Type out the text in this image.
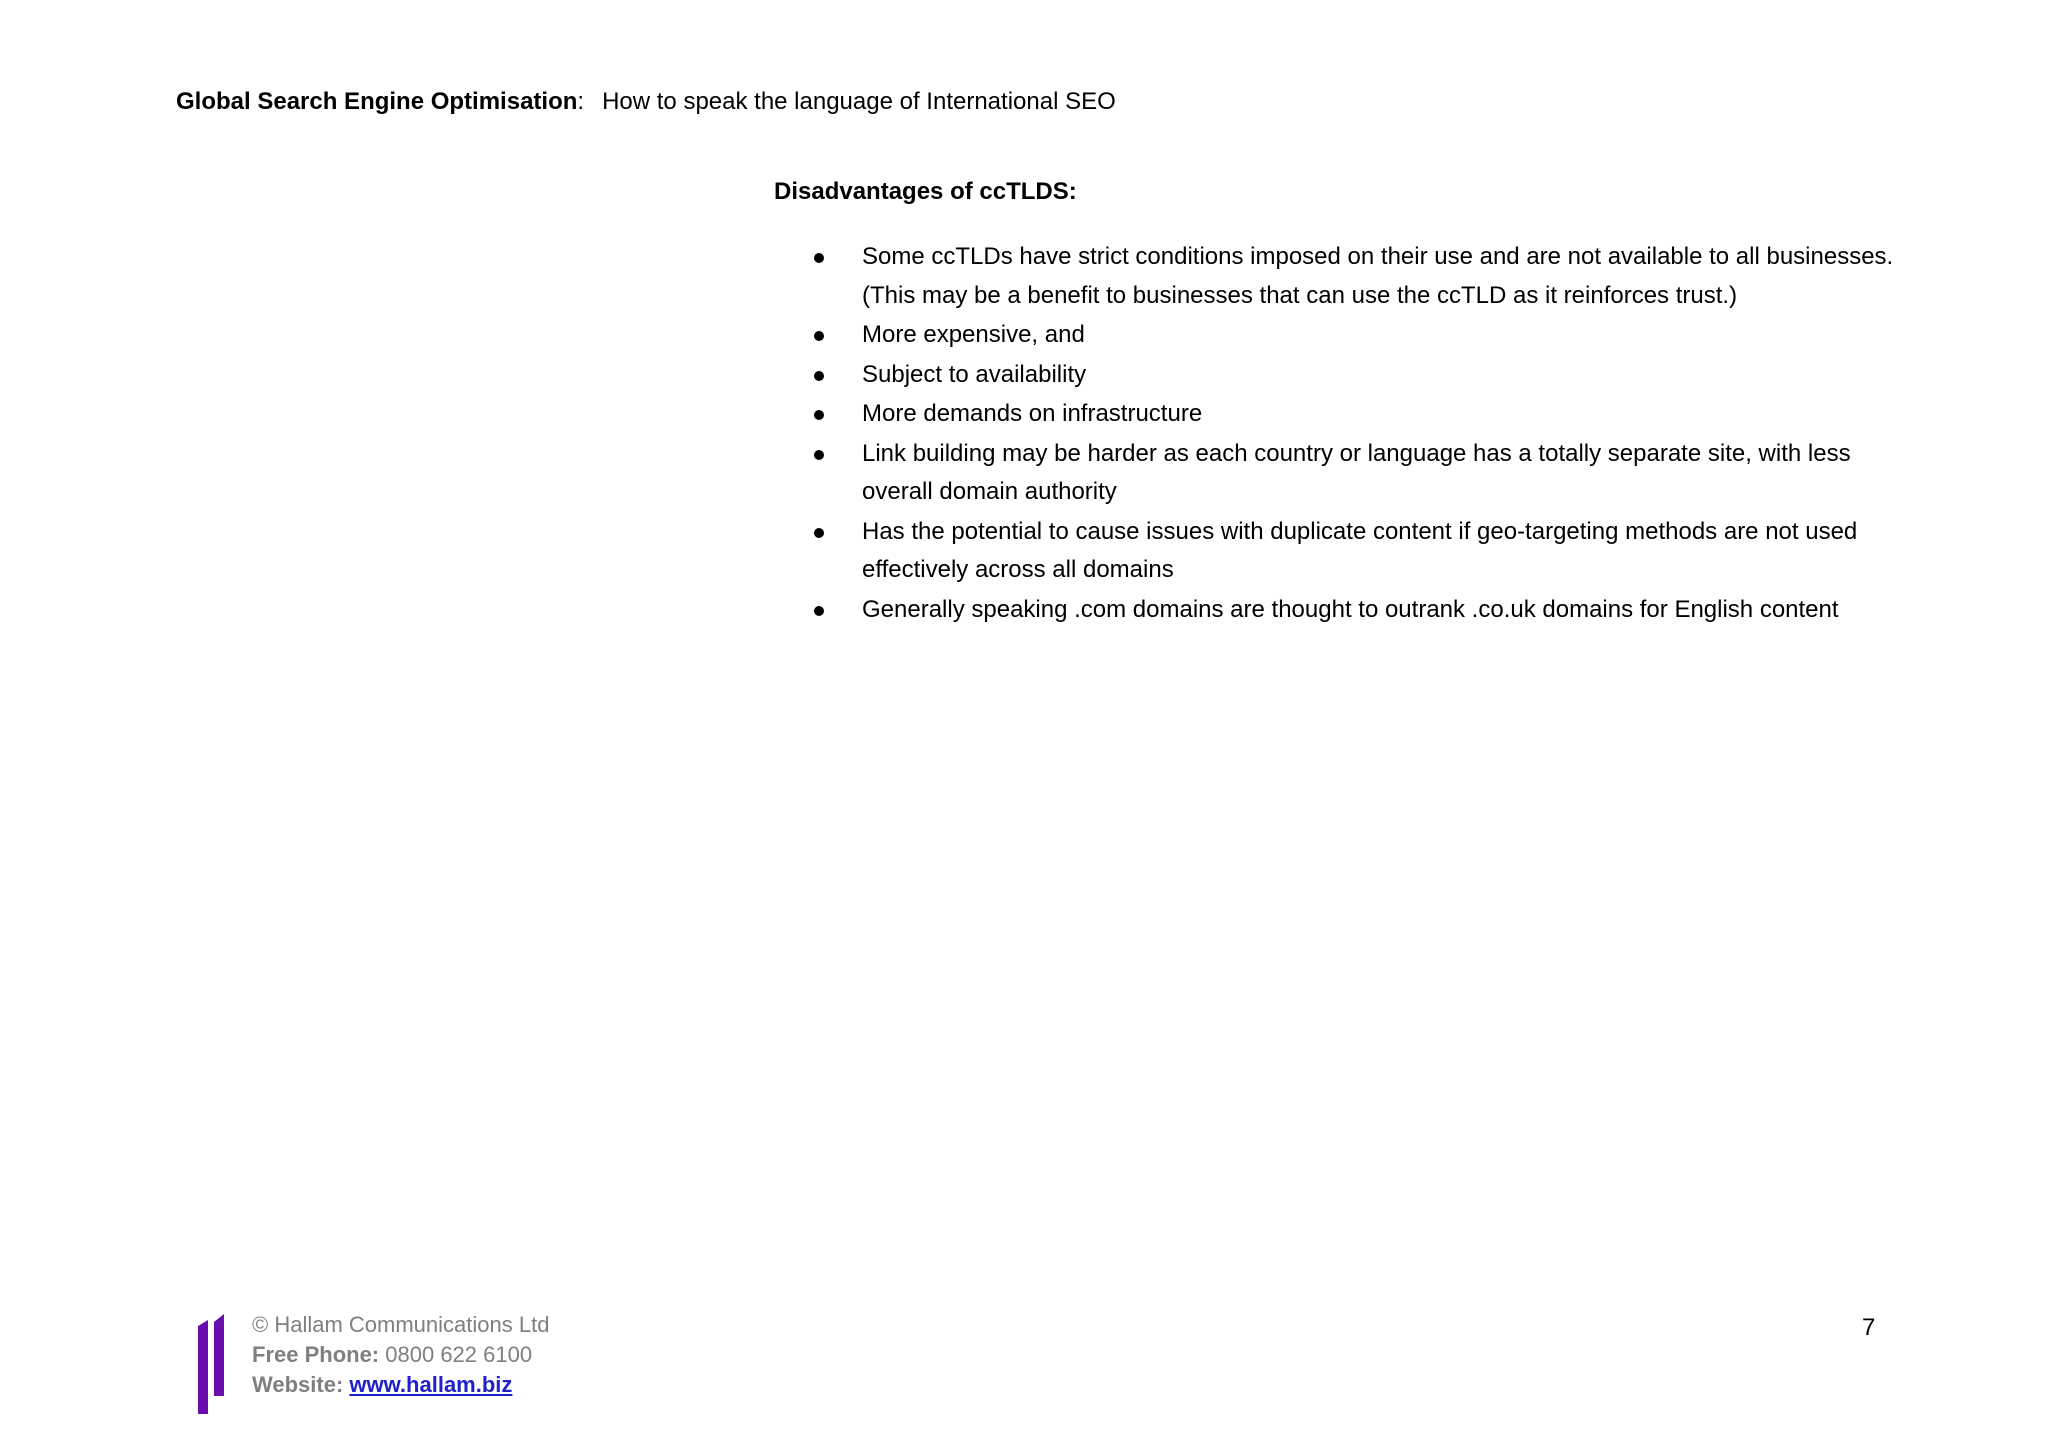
Global Search Engine Optimisation: How to speak the language of International SEO
Disadvantages of ccTLDS:
Some ccTLDs have strict conditions imposed on their use and are not available to all businesses. (This may be a benefit to businesses that can use the ccTLD as it reinforces trust.)
More expensive, and
Subject to availability
More demands on infrastructure
Link building may be harder as each country or language has a totally separate site, with less overall domain authority
Has the potential to cause issues with duplicate content if geo-targeting methods are not used effectively across all domains
Generally speaking .com domains are thought to outrank .co.uk domains for English content
© Hallam Communications Ltd
Free Phone: 0800 622 6100
Website: www.hallam.biz
7
